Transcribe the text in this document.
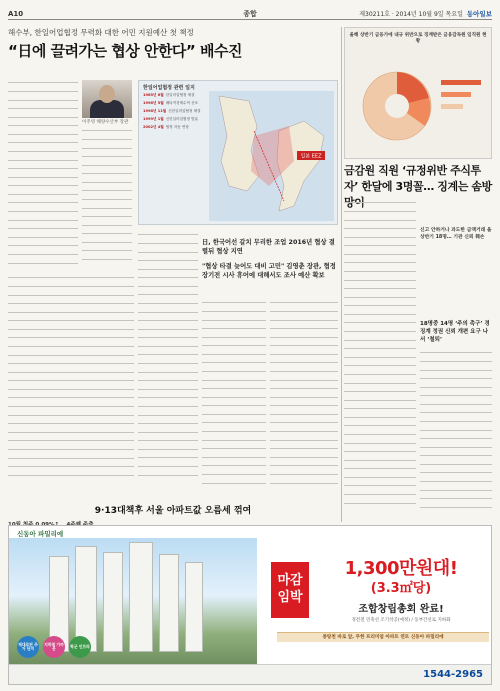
A10	종합	제30211호 · 2014년 10월 9일 목요일 동아일보
해수부, 한일어업협정 무력화 대한 어민 지원예산 첫 책정
“日에 끌려가는 협상 안한다” 배수진
이주영 해양수산부 장관
한일어업협정 관련 일지
1965년 6월 한일어업협정 체결
1996년 5월 배타적경제수역 선포
1998년 11월 신한일어업협정 체결
1999년 1월 신한일어업협정 발효
2002년 4월 협정 자동 연장
일본 EEZ
日, 한국어선 갈치 무리한 조업 2016년 협상 결렬뒤 협상 지연
"협상 타결 늦어도 대비 고민" 김영춘 장관, 협정 장기전 시사 휴어에 대해서도 조사 예산 확보
9·13대책후 서울 아파트값 오름세 꺾여
올해 상반기 금융가에 내규 위반으로 징계받은 금융감독원 임직원 현황
금감원 직원 ‘규정위반 주식투자’ 한달에 3명꼴… 징계는 솜방망이
신고 안하거나 과도한 금액거래 올 상반기 18명… 기관 신뢰 훼손
18명중 14명 ‘주의 촉구’ 경징계 정권 신뢰 개편 요구 나서 ‘철퇴’
신동아 파밀리에
제대로된 주거 단지
지하철 가까운	학군 인프라
마감 임박
1,300만원대!
(3.3㎡당)
조합창립총회 완료!
경전철 연축선 조기착공(예정) / 동부간선로 지하화
중랑천 바로 앞, 무한 프리미엄 아파트 연트 신동아 파밀리에
1544-2965
